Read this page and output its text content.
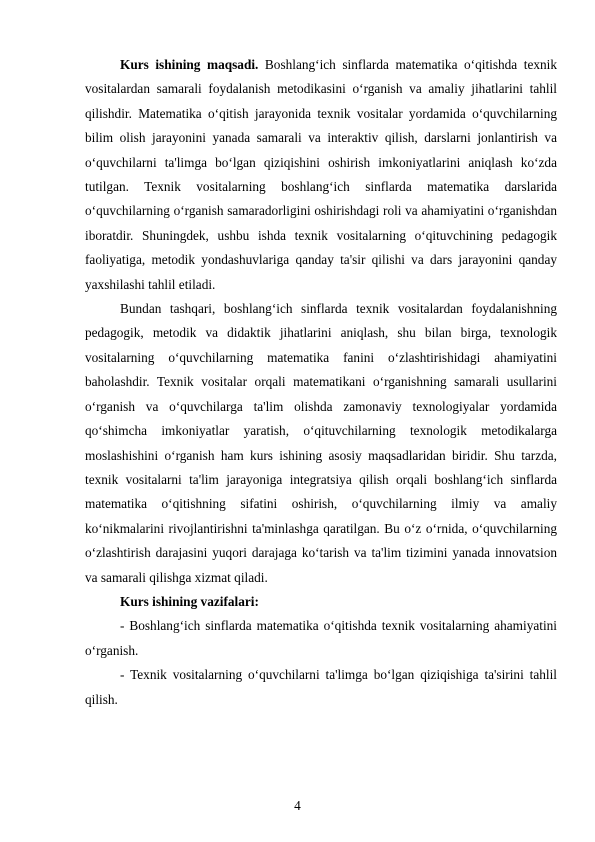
Kurs ishining maqsadi. Boshlang‘ich sinflarda matematika o‘qitishda texnik vositalardan samarali foydalanish metodikasini o‘rganish va amaliy jihatlarini tahlil qilishdir. Matematika o‘qitish jarayonida texnik vositalar yordamida o‘quvchilarning bilim olish jarayonini yanada samarali va interaktiv qilish, darslarni jonlantirish va o‘quvchilarni ta'limga bo‘lgan qiziqishini oshirish imkoniyatlarini aniqlash ko‘zda tutilgan. Texnik vositalarning boshlang‘ich sinflarda matematika darslarida o‘quvchilarning o‘rganish samaradorligini oshirishdagi roli va ahamiyatini o‘rganishdan iboratdir. Shuningdek, ushbu ishda texnik vositalarning o‘qituvchining pedagogik faoliyatiga, metodik yondashuvlariga qanday ta'sir qilishi va dars jarayonini qanday yaxshilashi tahlil etiladi.

Bundan tashqari, boshlang‘ich sinflarda texnik vositalardan foydalanishning pedagogik, metodik va didaktik jihatlarini aniqlash, shu bilan birga, texnologik vositalarning o‘quvchilarning matematika fanini o‘zlashtirishidagi ahamiyatini baholashdir. Texnik vositalar orqali matematikani o‘rganishning samarali usullarini o‘rganish va o‘quvchilarga ta'lim olishda zamonaviy texnologiyalar yordamida qo‘shimcha imkoniyatlar yaratish, o‘qituvchilarning texnologik metodikalarga moslashishini o‘rganish ham kurs ishining asosiy maqsadlaridan biridir. Shu tarzda, texnik vositalarni ta'lim jarayoniga integratsiya qilish orqali boshlang‘ich sinflarda matematika o‘qitishning sifatini oshirish, o‘quvchilarning ilmiy va amaliy ko‘nikmalarini rivojlantirishni ta'minlashga qaratilgan. Bu o‘z o‘rnida, o‘quvchilarning o‘zlashtirish darajasini yuqori darajaga ko‘tarish va ta'lim tizimini yanada innovatsion va samarali qilishga xizmat qiladi.

Kurs ishining vazifalari:

- Boshlang‘ich sinflarda matematika o‘qitishda texnik vositalarning ahamiyatini o‘rganish.

- Texnik vositalarning o‘quvchilarni ta'limga bo‘lgan qiziqishiga ta'sirini tahlil qilish.

4
